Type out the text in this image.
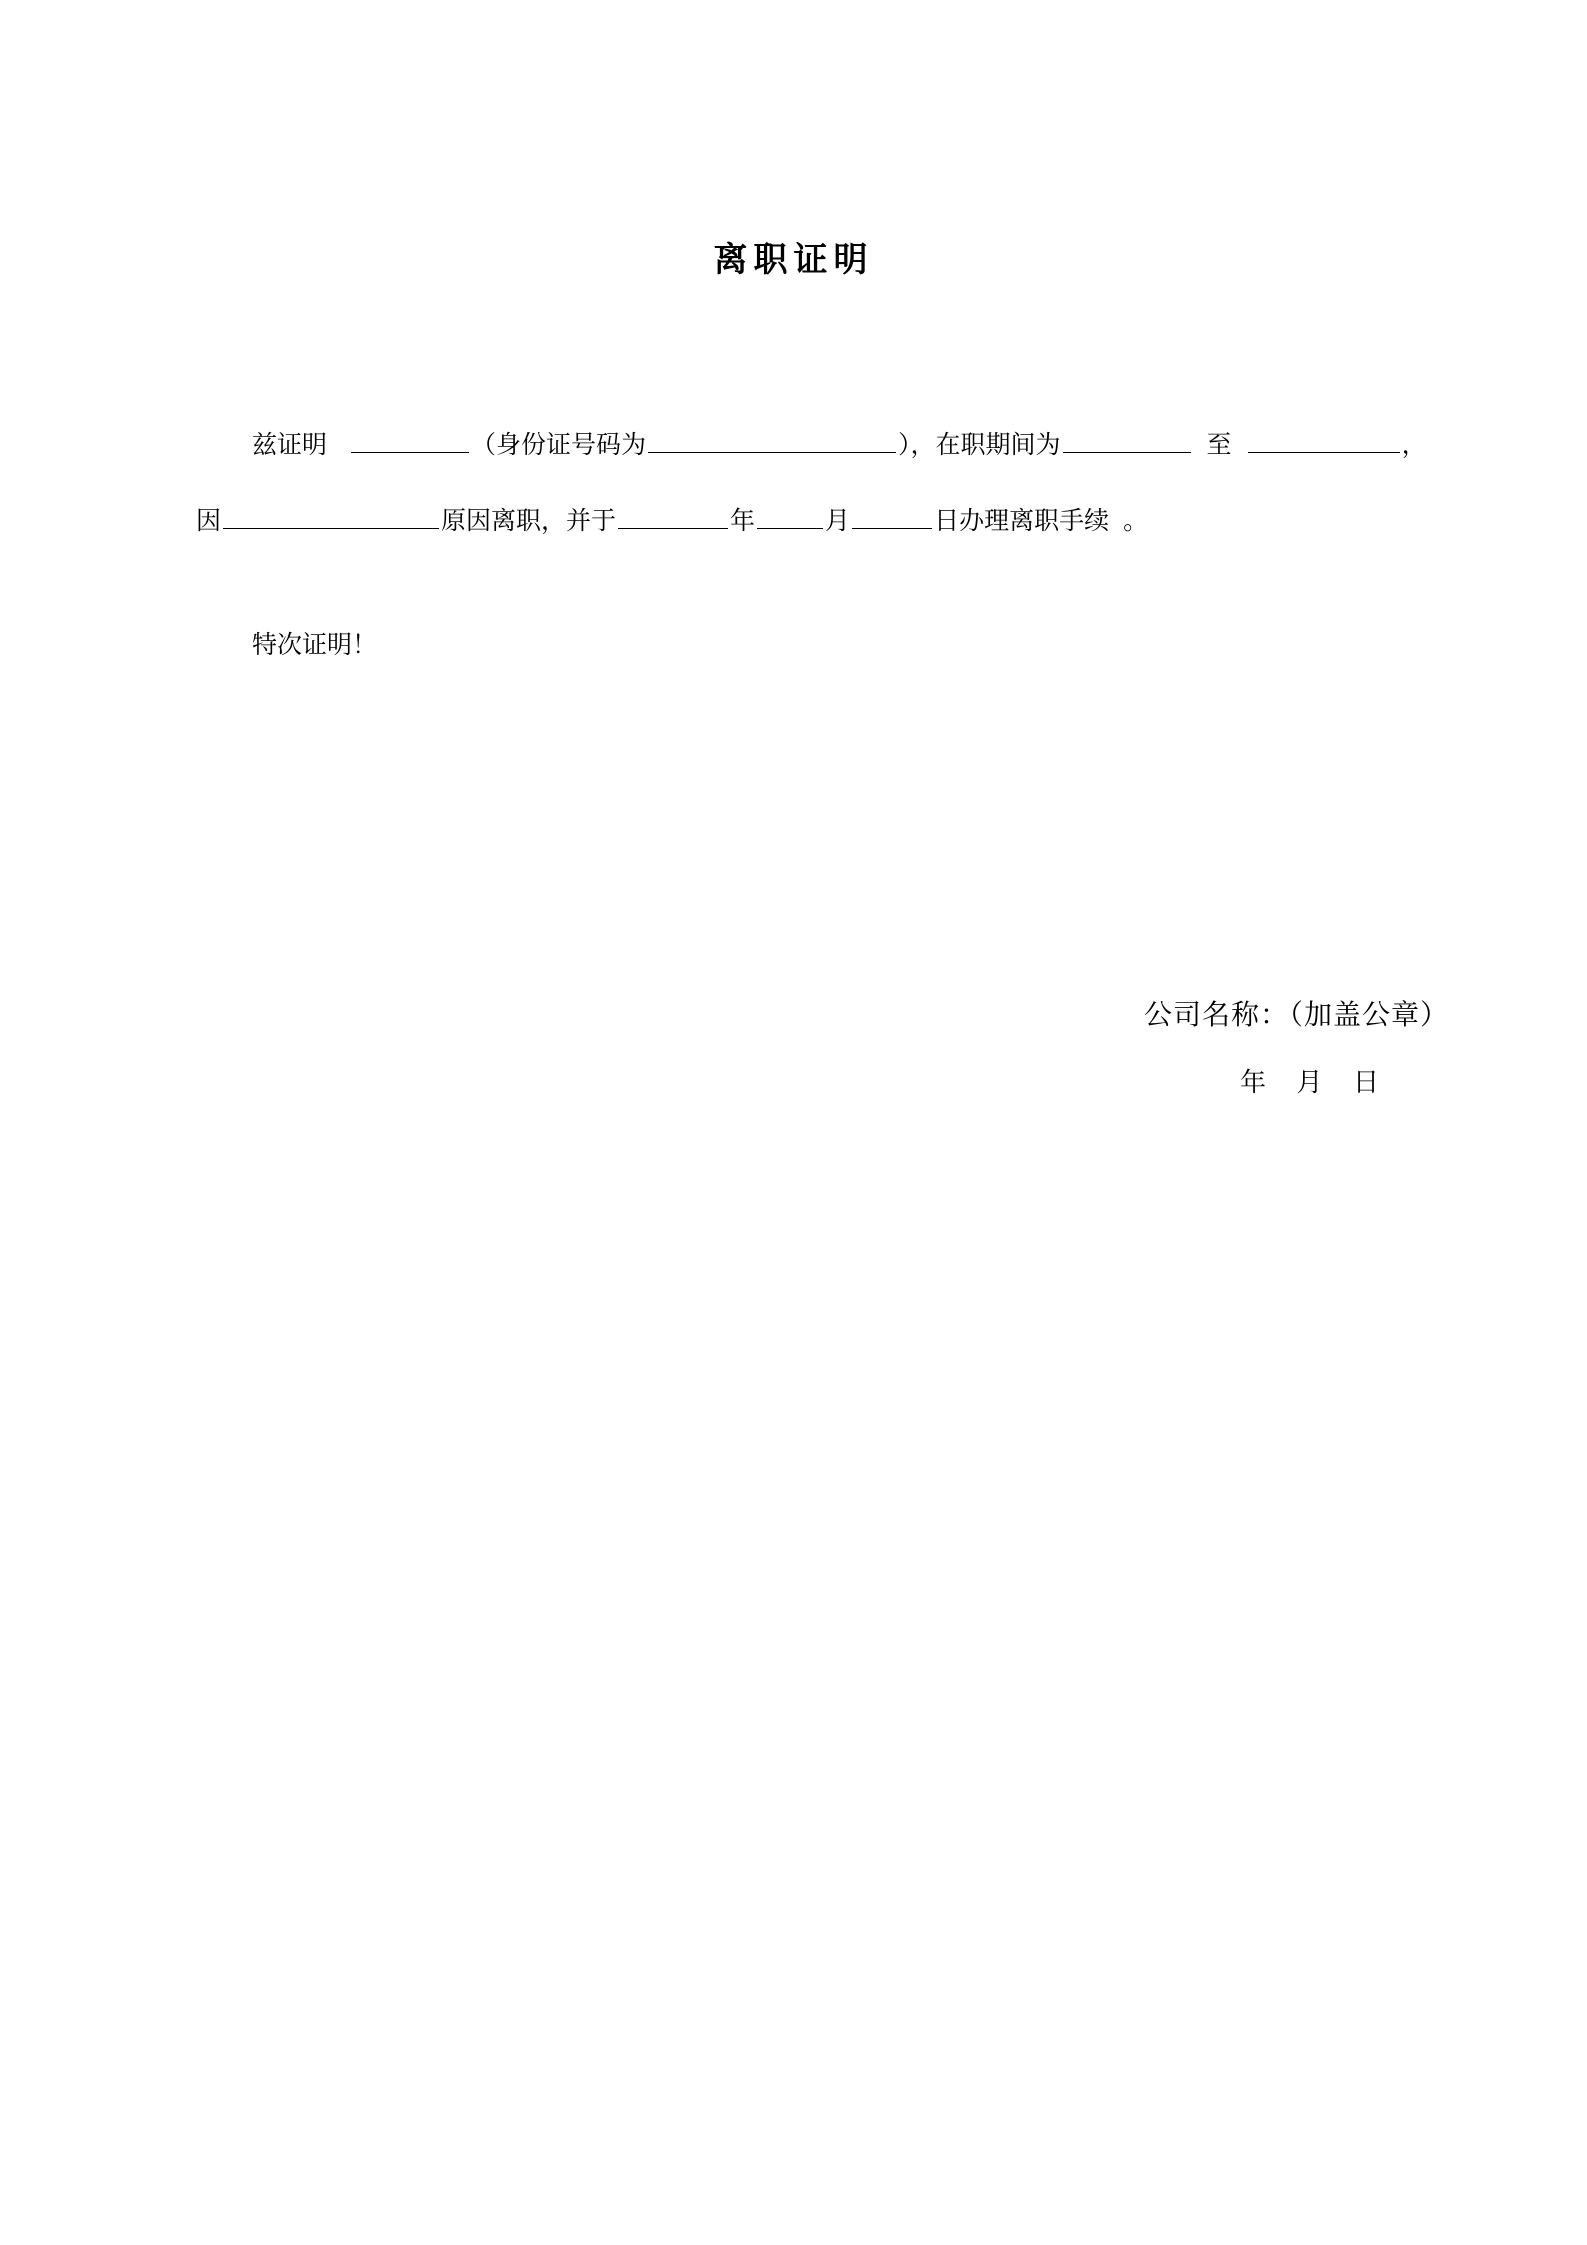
离职证明
兹证明	（身份证号码为	），在职期间为	至	，
因	原因离职，并于	年	月	日办理离职手续 。
特次证明！
公司名称：（加盖公章）
年 月 日
